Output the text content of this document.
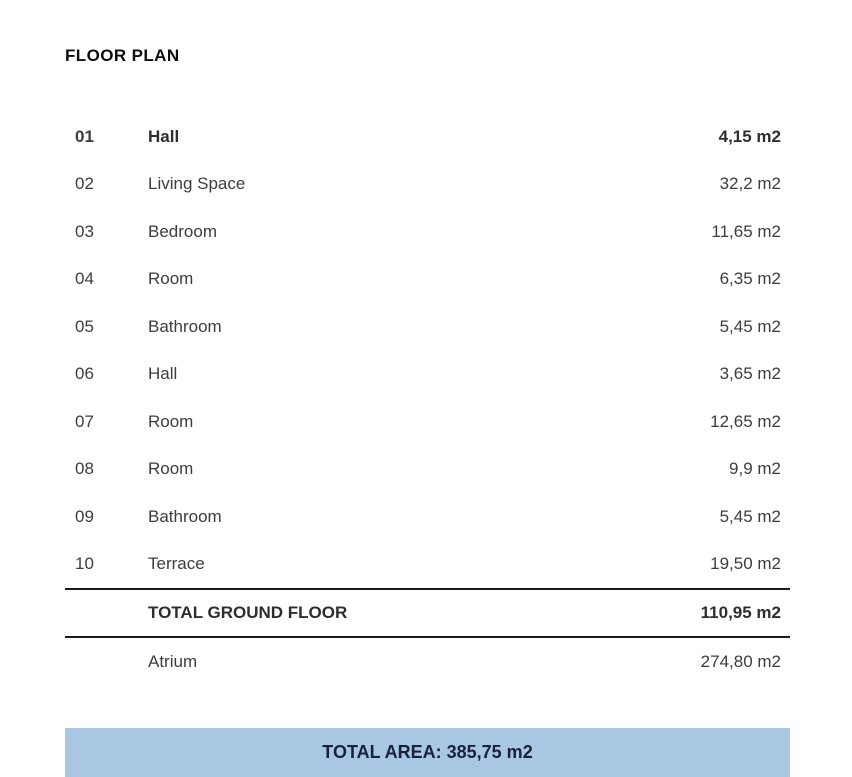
FLOOR PLAN
01	Hall	4,15 m2
02	Living Space	32,2 m2
03	Bedroom	11,65 m2
04	Room	6,35 m2
05	Bathroom	5,45 m2
06	Hall	3,65 m2
07	Room	12,65 m2
08	Room	9,9 m2
09	Bathroom	5,45 m2
10	Terrace	19,50 m2
TOTAL GROUND FLOOR	110,95 m2
Atrium	274,80 m2
TOTAL AREA: 385,75 m2
